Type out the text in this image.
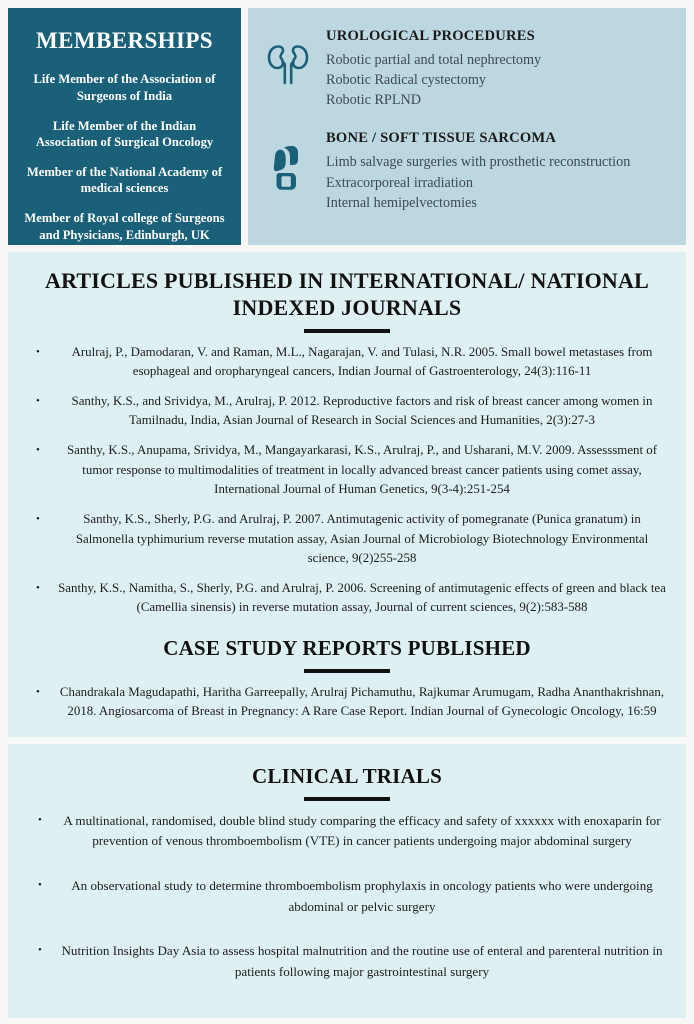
MEMBERSHIPS
Life Member of the Association of Surgeons of India
Life Member of the Indian Association of Surgical Oncology
Member of the National Academy of medical sciences
Member of Royal college of Surgeons and Physicians, Edinburgh, UK
UROLOGICAL PROCEDURES
Robotic partial and total nephrectomy
Robotic Radical cystectomy
Robotic RPLND
BONE / SOFT TISSUE SARCOMA
Limb salvage surgeries with prosthetic reconstruction
Extracorporeal irradiation
Internal hemipelvectomies
ARTICLES PUBLISHED IN INTERNATIONAL/ NATIONAL INDEXED JOURNALS
• Arulraj, P., Damodaran, V. and Raman, M.L., Nagarajan, V. and Tulasi, N.R. 2005. Small bowel metastases from esophageal and oropharyngeal cancers, Indian Journal of Gastroenterology, 24(3):116-11
• Santhy, K.S., and Srividya, M., Arulraj, P. 2012. Reproductive factors and risk of breast cancer among women in Tamilnadu, India, Asian Journal of Research in Social Sciences and Humanities, 2(3):27-3
• Santhy, K.S., Anupama, Srividya, M., Mangayarkarasi, K.S., Arulraj, P., and Usharani, M.V. 2009. Assesssment of tumor response to multimodalities of treatment in locally advanced breast cancer patients using comet assay, International Journal of Human Genetics, 9(3-4):251-254
• Santhy, K.S., Sherly, P.G. and Arulraj, P. 2007. Antimutagenic activity of pomegranate (Punica granatum) in Salmonella typhimurium reverse mutation assay, Asian Journal of Microbiology Biotechnology Environmental science, 9(2)255-258
• Santhy, K.S., Namitha, S., Sherly, P.G. and Arulraj, P. 2006. Screening of antimutagenic effects of green and black tea (Camellia sinensis) in reverse mutation assay, Journal of current sciences, 9(2):583-588
CASE STUDY REPORTS PUBLISHED
• Chandrakala Magudapathi, Haritha Garreepally, Arulraj Pichamuthu, Rajkumar Arumugam, Radha Ananthakrishnan, 2018. Angiosarcoma of Breast in Pregnancy: A Rare Case Report. Indian Journal of Gynecologic Oncology, 16:59
CLINICAL TRIALS
• A multinational, randomised, double blind study comparing the efficacy and safety of xxxxxx with enoxaparin for prevention of venous thromboembolism (VTE) in cancer patients undergoing major abdominal surgery
• An observational study to determine thromboembolism prophylaxis in oncology patients who were undergoing abdominal or pelvic surgery
• Nutrition Insights Day Asia to assess hospital malnutrition and the routine use of enteral and parenteral nutrition in patients following major gastrointestinal surgery
